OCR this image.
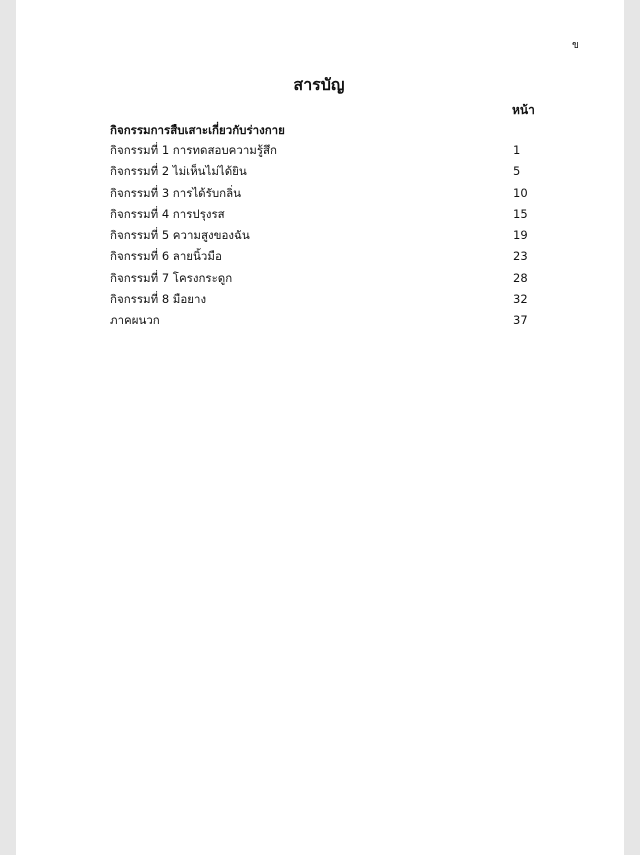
ข
สารบัญ
หน้า
กิจกรรมการสืบเสาะเกี่ยวกับร่างกาย
กิจกรรมที่ 1 การทดสอบความรู้สึก	1
กิจกรรมที่ 2 ไม่เห็นไม่ได้ยิน	5
กิจกรรมที่ 3 การได้รับกลิ่น	10
กิจกรรมที่ 4 การปรุงรส	15
กิจกรรมที่ 5 ความสูงของฉัน	19
กิจกรรมที่ 6 ลายนิ้วมือ	23
กิจกรรมที่ 7 โครงกระดูก	28
กิจกรรมที่ 8 มือยาง	32
ภาคผนวก	37
